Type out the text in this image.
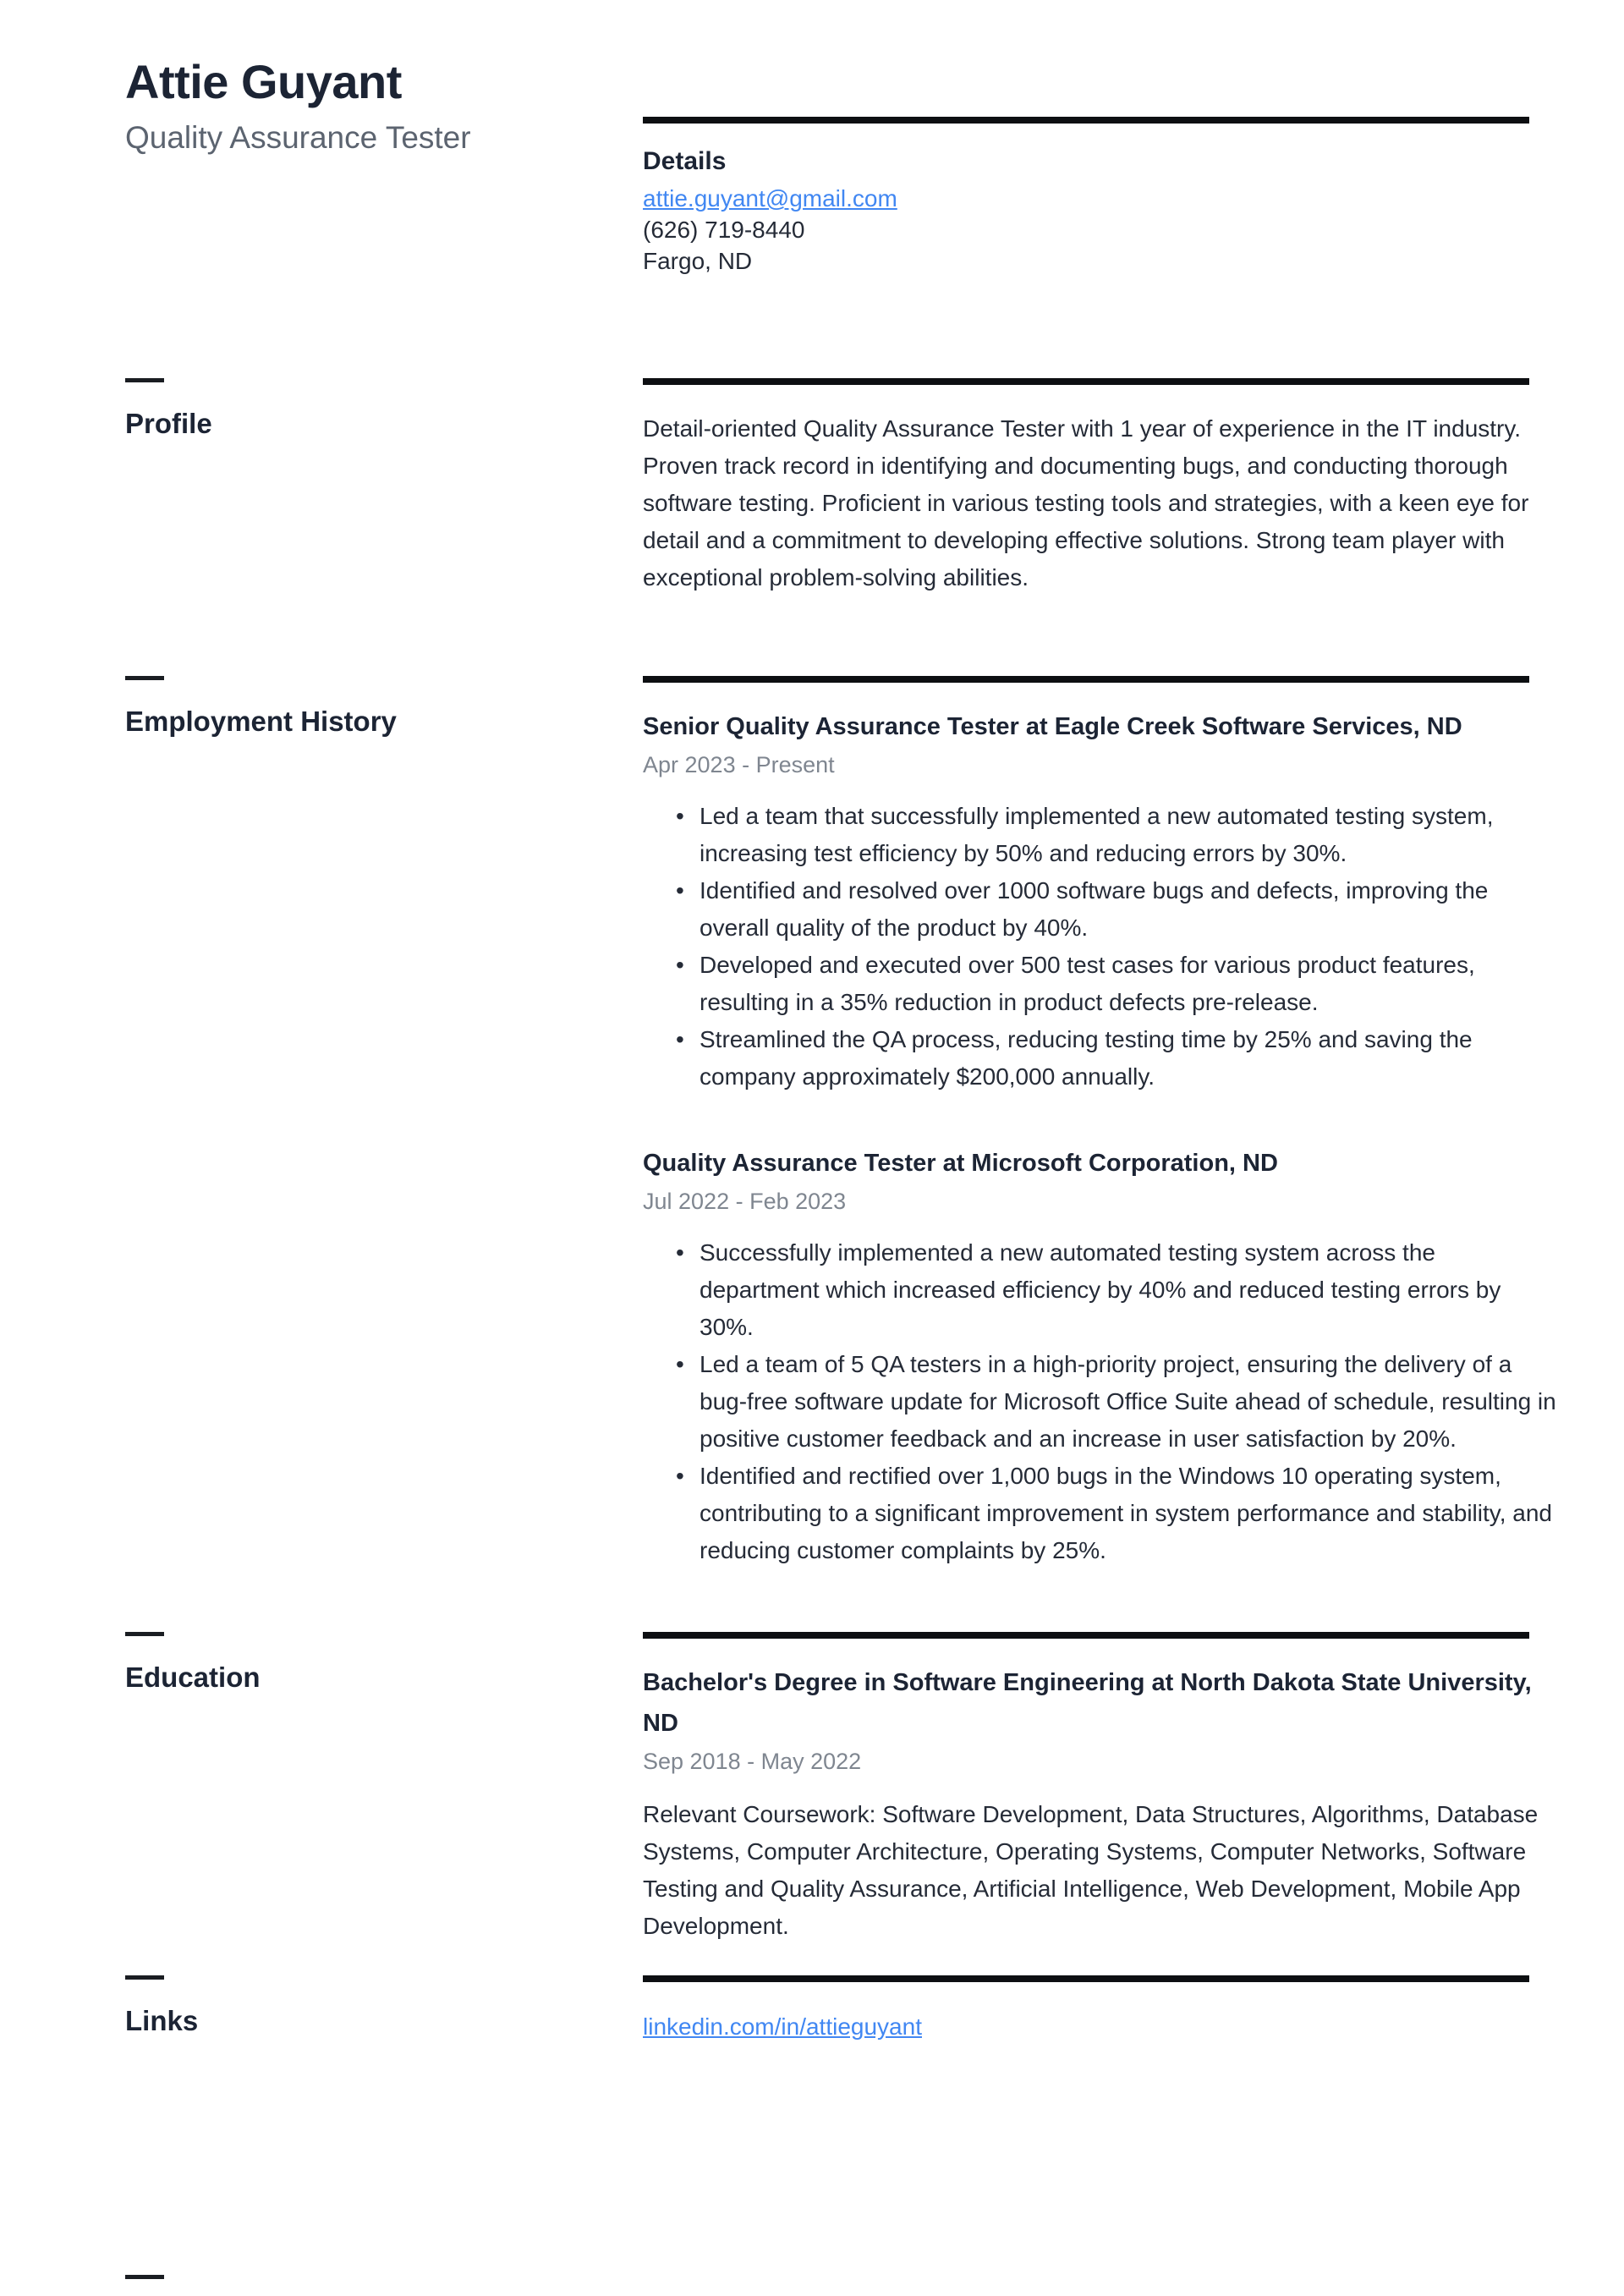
Attie Guyant
Quality Assurance Tester
Details
attie.guyant@gmail.com
(626) 719-8440
Fargo, ND
Profile	Detail-oriented Quality Assurance Tester with 1 year of experience in the IT industry. Proven track record in identifying and documenting bugs, and conducting thorough software testing. Proficient in various testing tools and strategies, with a keen eye for detail and a commitment to developing effective solutions. Strong team player with exceptional problem-solving abilities.

Employment History	Senior Quality Assurance Tester at Eagle Creek Software Services, ND
Apr 2023 - Present
• Led a team that successfully implemented a new automated testing system, increasing test efficiency by 50% and reducing errors by 30%.
• Identified and resolved over 1000 software bugs and defects, improving the overall quality of the product by 40%.
• Developed and executed over 500 test cases for various product features, resulting in a 35% reduction in product defects pre-release.
• Streamlined the QA process, reducing testing time by 25% and saving the company approximately $200,000 annually.
Quality Assurance Tester at Microsoft Corporation, ND
Jul 2022 - Feb 2023
• Successfully implemented a new automated testing system across the department which increased efficiency by 40% and reduced testing errors by 30%.
• Led a team of 5 QA testers in a high-priority project, ensuring the delivery of a bug-free software update for Microsoft Office Suite ahead of schedule, resulting in positive customer feedback and an increase in user satisfaction by 20%.
• Identified and rectified over 1,000 bugs in the Windows 10 operating system, contributing to a significant improvement in system performance and stability, and reducing customer complaints by 25%.
Education	Bachelor's Degree in Software Engineering at North Dakota State University, ND
Sep 2018 - May 2022

Relevant Coursework: Software Development, Data Structures, Algorithms, Database Systems, Computer Architecture, Operating Systems, Computer Networks, Software Testing and Quality Assurance, Artificial Intelligence, Web Development, Mobile App Development.

Links	linkedin.com/in/attieguyant
